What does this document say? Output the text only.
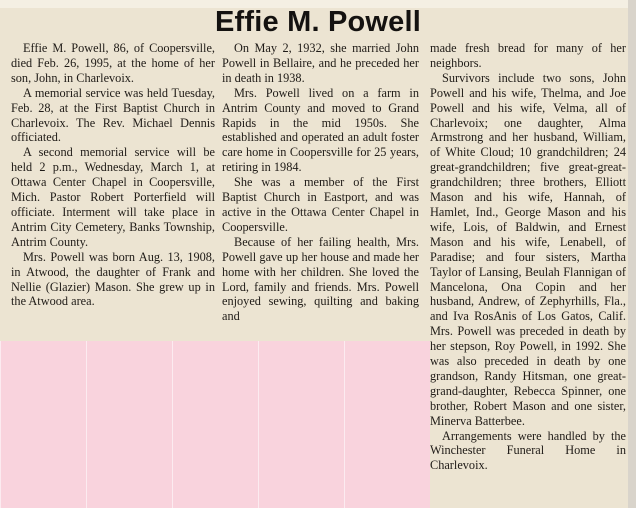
Effie M. Powell

Effie M. Powell, 86, of Coopersville, died Feb. 26, 1995, at the home of her son, John, in Charlevoix.

A memorial service was held Tuesday, Feb. 28, at the First Baptist Church in Charlevoix. The Rev. Michael Dennis officiated.

A second memorial service will be held 2 p.m., Wednesday, March 1, at Ottawa Center Chapel in Coopersville, Mich. Pastor Robert Porterfield will officiate. Interment will take place in Antrim City Cemetery, Banks Township, Antrim County.

Mrs. Powell was born Aug. 13, 1908, in Atwood, the daughter of Frank and Nellie (Glazier) Mason. She grew up in the Atwood area.

On May 2, 1932, she married John Powell in Bellaire, and he preceded her in death in 1938.

Mrs. Powell lived on a farm in Antrim County and moved to Grand Rapids in the mid 1950s. She established and operated an adult foster care home in Coopersville for 25 years, retiring in 1984.

She was a member of the First Baptist Church in Eastport, and was active in the Ottawa Center Chapel in Coopersville.

Because of her failing health, Mrs. Powell gave up her house and made her home with her children. She loved the Lord, family and friends. Mrs. Powell enjoyed sewing, quilting and baking and

made fresh bread for many of her neighbors.

Survivors include two sons, John Powell and his wife, Thelma, and Joe Powell and his wife, Velma, all of Charlevoix; one daughter, Alma Armstrong and her husband, William, of White Cloud; 10 grandchildren; 24 great-grandchildren; five great-great-grandchildren; three brothers, Elliott Mason and his wife, Hannah, of Hamlet, Ind., George Mason and his wife, Lois, of Baldwin, and Ernest Mason and his wife, Lenabell, of Paradise; and four sisters, Martha Taylor of Lansing, Beulah Flannigan of Mancelona, Ona Copin and her husband, Andrew, of Zephyrhills, Fla., and Iva RosAnis of Los Gatos, Calif. Mrs. Powell was preceded in death by her stepson, Roy Powell, in 1992. She was also preceded in death by one grandson, Randy Hitsman, one great-grand-daughter, Rebecca Spinner, one brother, Robert Mason and one sister, Minerva Batterbee.

Arrangements were handled by the Winchester Funeral Home in Charlevoix.
